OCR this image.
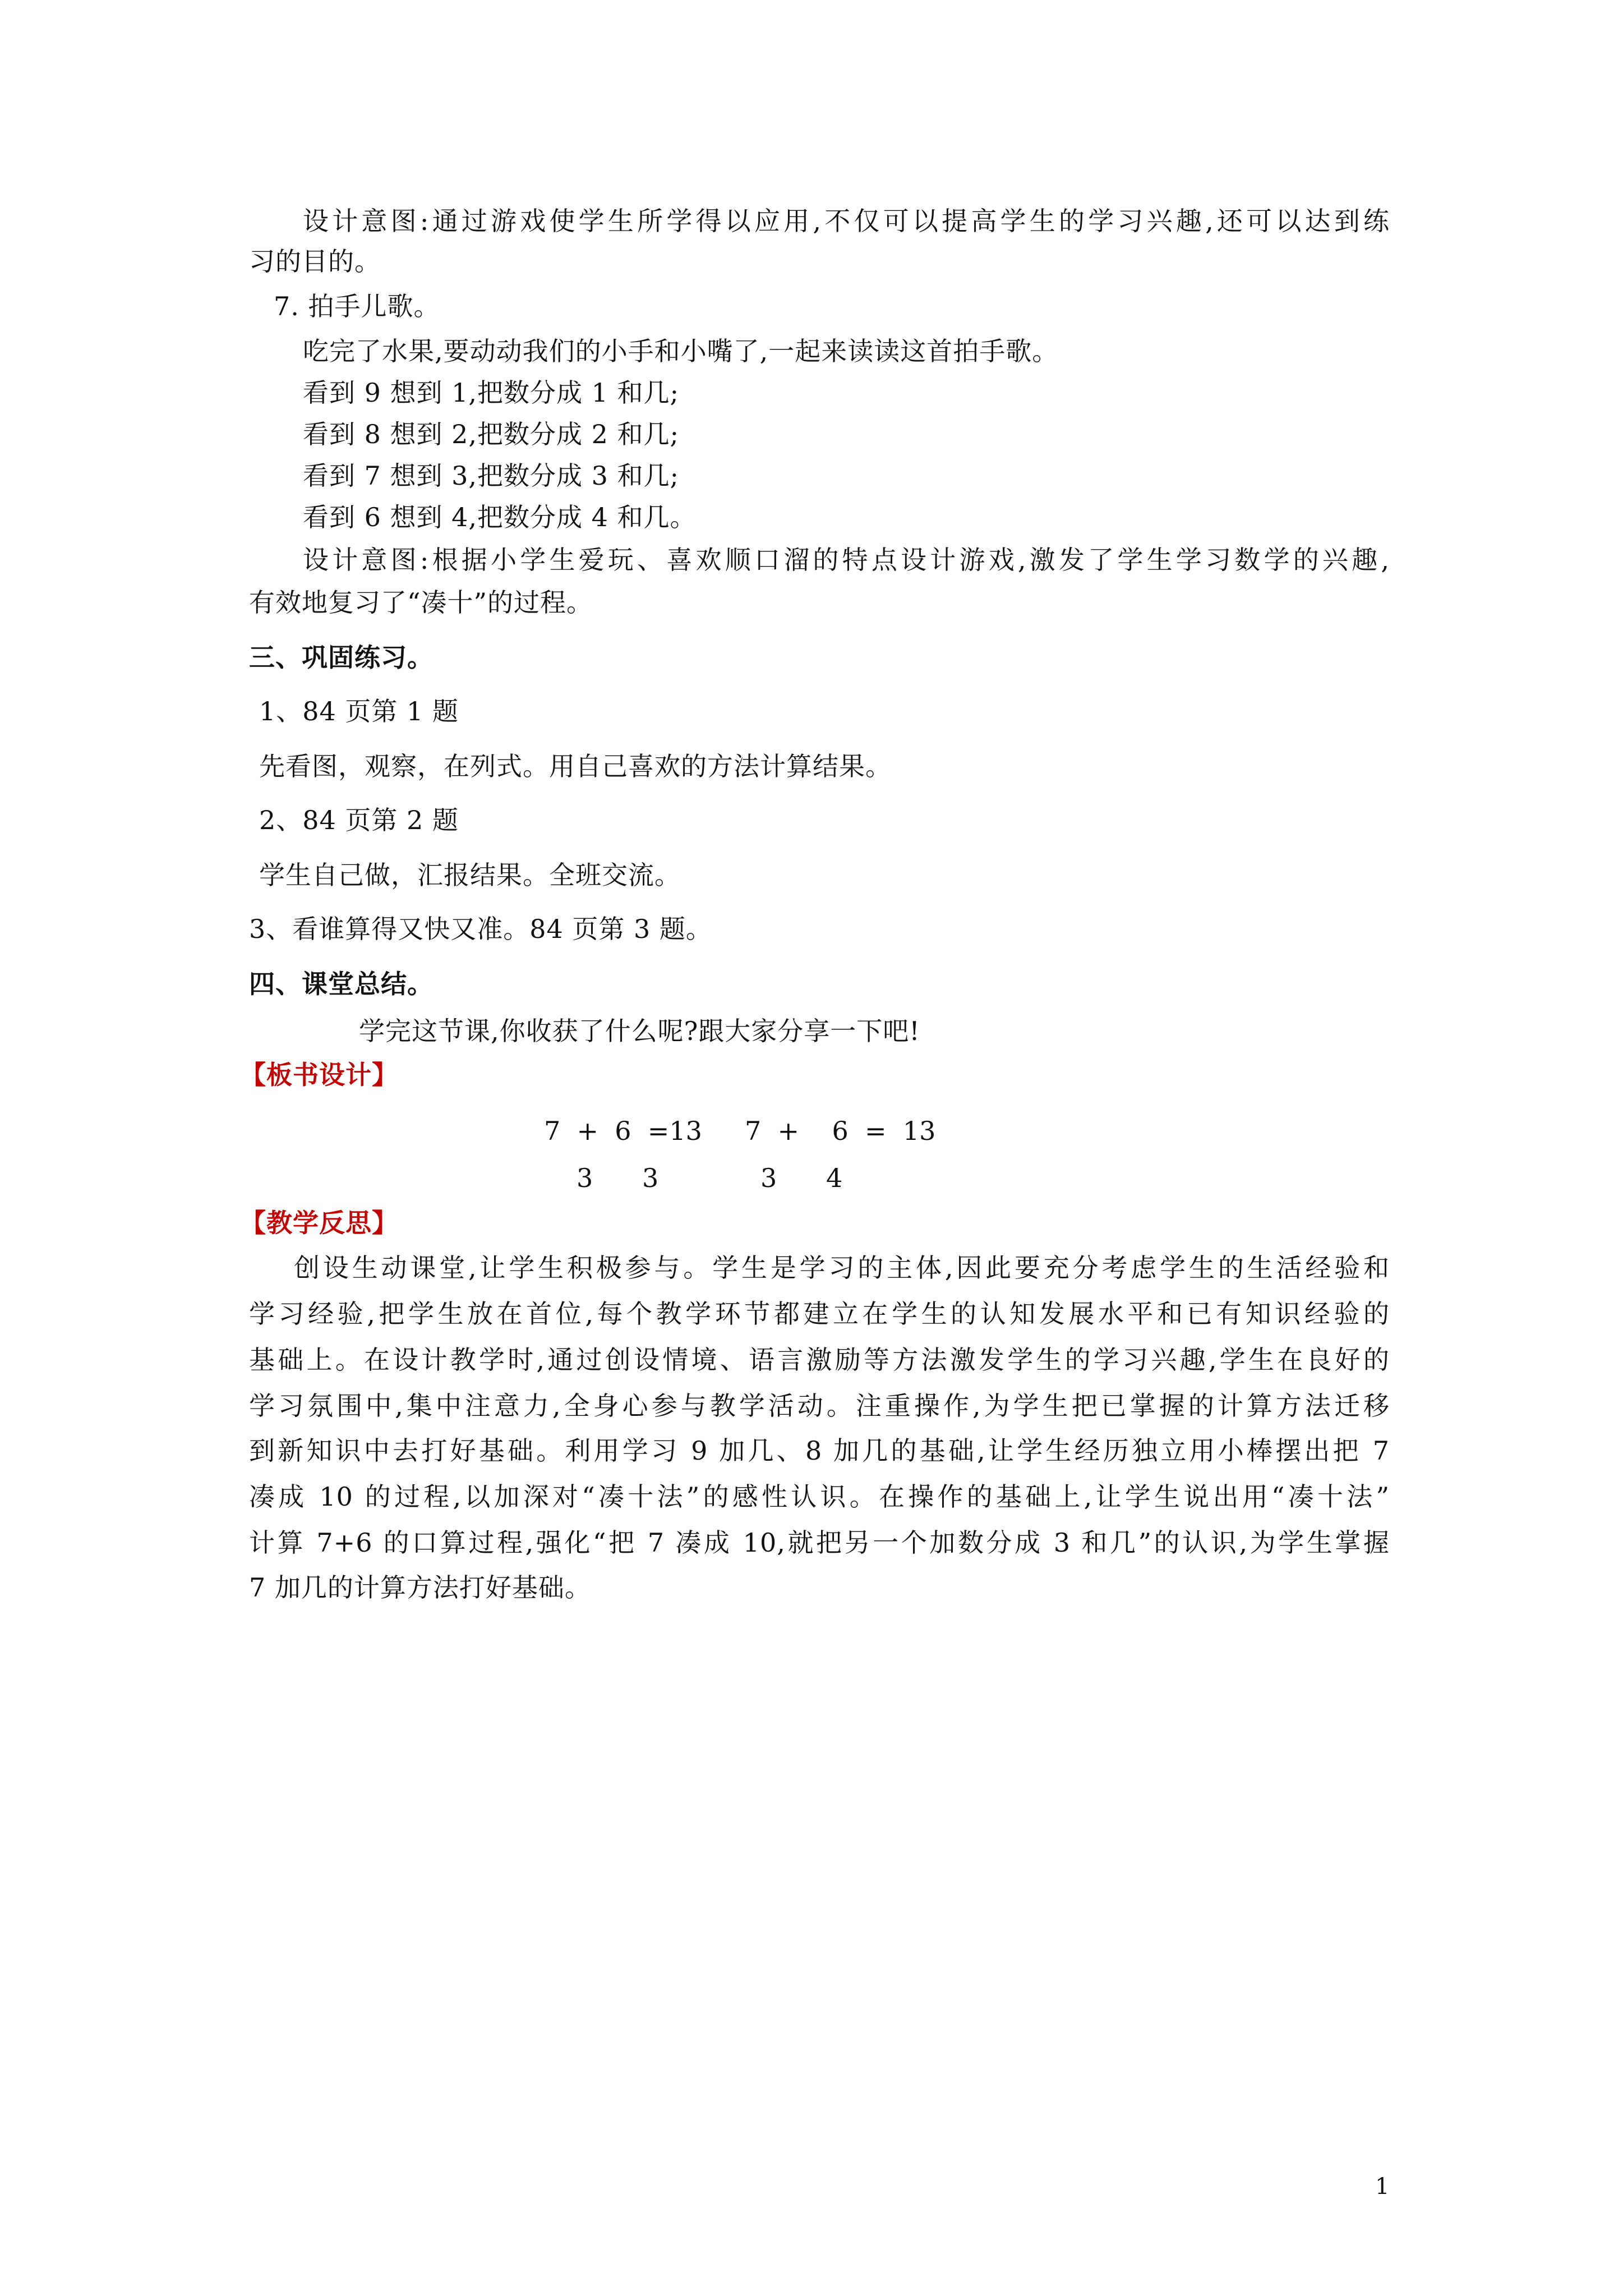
设计意图:通过游戏使学生所学得以应用,不仅可以提高学生的学习兴趣,还可以达到练
习的目的。
7. 拍手儿歌。
吃完了水果,要动动我们的小手和小嘴了,一起来读读这首拍手歌。
看到 9 想到 1,把数分成 1 和几;
看到 8 想到 2,把数分成 2 和几;
看到 7 想到 3,把数分成 3 和几;
看到 6 想到 4,把数分成 4 和几。
设计意图:根据小学生爱玩、喜欢顺口溜的特点设计游戏,激发了学生学习数学的兴趣,
有效地复习了“凑十”的过程。
三、巩固练习。
1、84 页第 1 题
先看图，观察，在列式。用自己喜欢的方法计算结果。
2、84 页第 2 题
学生自己做，汇报结果。全班交流。
3、看谁算得又快又准。84 页第 3 题。
四、课堂总结。
学完这节课,你收获了什么呢?跟大家分享一下吧!
【板书设计】
7  +  6  =13 7  +    6  =  13
3      3	3      4
【教学反思】
创设生动课堂,让学生积极参与。学生是学习的主体,因此要充分考虑学生的生活经验和
学习经验,把学生放在首位,每个教学环节都建立在学生的认知发展水平和已有知识经验的
基础上。在设计教学时,通过创设情境、语言激励等方法激发学生的学习兴趣,学生在良好的
学习氛围中,集中注意力,全身心参与教学活动。注重操作,为学生把已掌握的计算方法迁移
到新知识中去打好基础。利用学习 9 加几、8 加几的基础,让学生经历独立用小棒摆出把 7
凑成 10 的过程,以加深对“凑十法”的感性认识。在操作的基础上,让学生说出用“凑十法”
计算 7+6 的口算过程,强化“把 7 凑成 10,就把另一个加数分成 3 和几”的认识,为学生掌握
7 加几的计算方法打好基础。
1
